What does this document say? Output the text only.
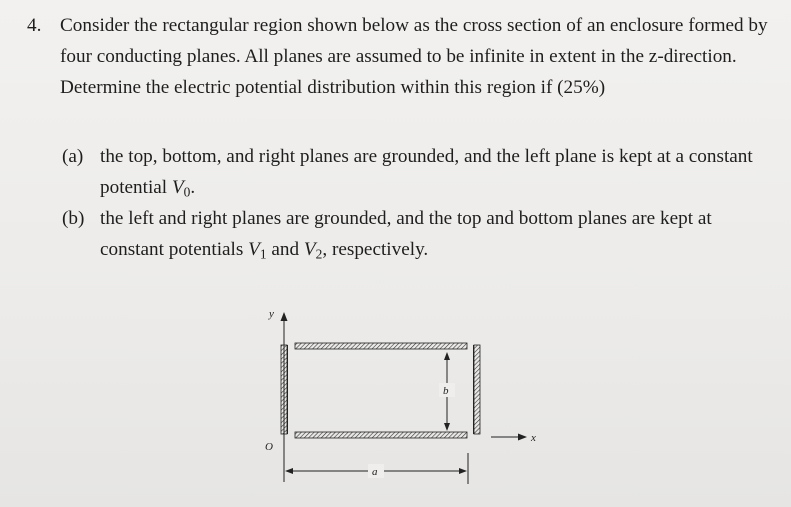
4. Consider the rectangular region shown below as the cross section of an enclosure formed by four conducting planes. All planes are assumed to be infinite in extent in the z-direction. Determine the electric potential distribution within this region if (25%)
(a) the top, bottom, and right planes are grounded, and the left plane is kept at a constant potential $V_0$.
(b) the left and right planes are grounded, and the top and bottom planes are kept at constant potentials $V_1$ and $V_2$, respectively.
y
x
O
b
a
